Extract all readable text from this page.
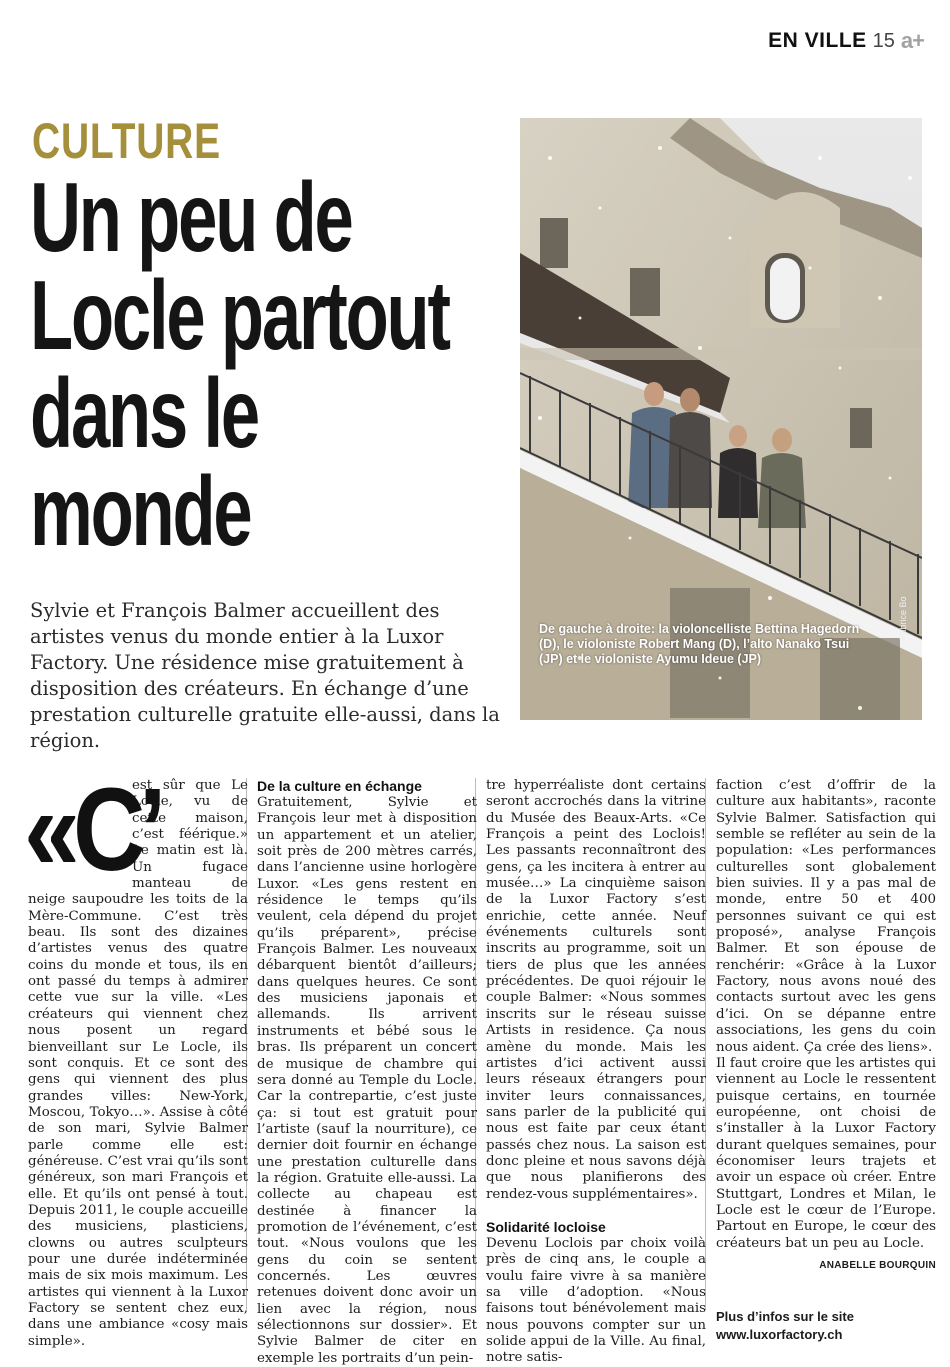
EN VILLE 15 a+
CULTURE
Un peu de
Locle partout
dans le
monde

Sylvie et François Balmer accueillent des artistes venus du monde entier à la Luxor Factory. Une résidence mise gratuitement à disposition des créateurs. En échange d’une prestation culturelle gratuite elle-aussi, dans la région.

De gauche à droite: la violoncelliste Bettina Hagedorn (D), le violoniste Robert Mang (D), l’alto Nanako Tsui (JP) et le violoniste Ayumu Ideue (JP)

Fabrice Bo
«C’

est sûr que Le Locle, vu de cette maison, c’est féérique.» Le matin est là. Un fugace manteau de neige saupoudre les toits de la Mère-Commune. C’est très beau. Ils sont des dizaines d’artistes venus des quatre coins du monde et tous, ils en ont passé du temps à admirer cette vue sur la ville. «Les créateurs qui viennent chez nous posent un regard bienveillant sur Le Locle, ils sont conquis. Et ce sont des gens qui viennent des plus grandes villes: New-York, Moscou, Tokyo…». Assise à côté de son mari, Sylvie Balmer parle comme elle est: généreuse. C’est vrai qu’ils sont généreux, son mari François et elle. Et qu’ils ont pensé à tout. Depuis 2011, le couple accueille des musiciens, plasticiens, clowns ou autres sculpteurs pour une durée indéterminée mais de six mois maximum. Les artistes qui viennent à la Luxor Factory se sentent chez eux, dans une ambiance «cosy mais simple».

De la culture en échange

Gratuitement, Sylvie et François leur met à disposition un appartement et un atelier, soit près de 200 mètres carrés, dans l’ancienne usine horlogère Luxor. «Les gens restent en résidence le temps qu’ils veulent, cela dépend du projet qu’ils préparent», précise François Balmer. Les nouveaux débarquent bientôt d’ailleurs; dans quelques heures. Ce sont des musiciens japonais et allemands. Ils arrivent instruments et bébé sous le bras. Ils préparent un concert de musique de chambre qui sera donné au Temple du Locle. Car la contrepartie, c’est juste ça: si tout est gratuit pour l’artiste (sauf la nourriture), ce dernier doit fournir en échange une prestation culturelle dans la région. Gratuite elle-aussi. La collecte au chapeau est destinée à financer la promotion de l’événement, c’est tout. «Nous voulons que les gens du coin se sentent concernés. Les œuvres retenues doivent donc avoir un lien avec la région, nous sélectionnons sur dossier». Et Sylvie Balmer de citer en exemple les portraits d’un pein-

tre hyperréaliste dont certains seront accrochés dans la vitrine du Musée des Beaux-Arts. «Ce François a peint des Loclois! Les passants reconnaîtront des gens, ça les incitera à entrer au musée…» La cinquième saison de la Luxor Factory s’est enrichie, cette année. Neuf événements culturels sont inscrits au programme, soit un tiers de plus que les années précédentes. De quoi réjouir le couple Balmer: «Nous sommes inscrits sur le réseau suisse Artists in residence. Ça nous amène du monde. Mais les artistes d’ici activent aussi leurs réseaux étrangers pour inviter leurs connaissances, sans parler de la publicité qui nous est faite par ceux étant passés chez nous. La saison est donc pleine et nous savons déjà que nous planifierons des rendez-vous supplémentaires».

Solidarité locloise

Devenu Loclois par choix voilà près de cinq ans, le couple a voulu faire vivre à sa manière sa ville d’adoption. «Nous faisons tout bénévolement mais nous pouvons compter sur un solide appui de la Ville. Au final, notre satis-

faction c’est d’offrir de la culture aux habitants», raconte Sylvie Balmer. Satisfaction qui semble se refléter au sein de la population: «Les performances culturelles sont globalement bien suivies. Il y a pas mal de monde, entre 50 et 400 personnes suivant ce qui est proposé», analyse François Balmer. Et son épouse de renchérir: «Grâce à la Luxor Factory, nous avons noué des contacts surtout avec les gens d’ici. On se dépanne entre associations, les gens du coin nous aident. Ça crée des liens».

Il faut croire que les artistes qui viennent au Locle le ressentent puisque certains, en tournée européenne, ont choisi de s’installer à la Luxor Factory durant quelques semaines, pour économiser leurs trajets et avoir un espace où créer. Entre Stuttgart, Londres et Milan, le Locle est le cœur de l’Europe. Partout en Europe, le cœur des créateurs bat un peu au Locle.

ANABELLE BOURQUIN
Plus d’infos sur le site
www.luxorfactory.ch
